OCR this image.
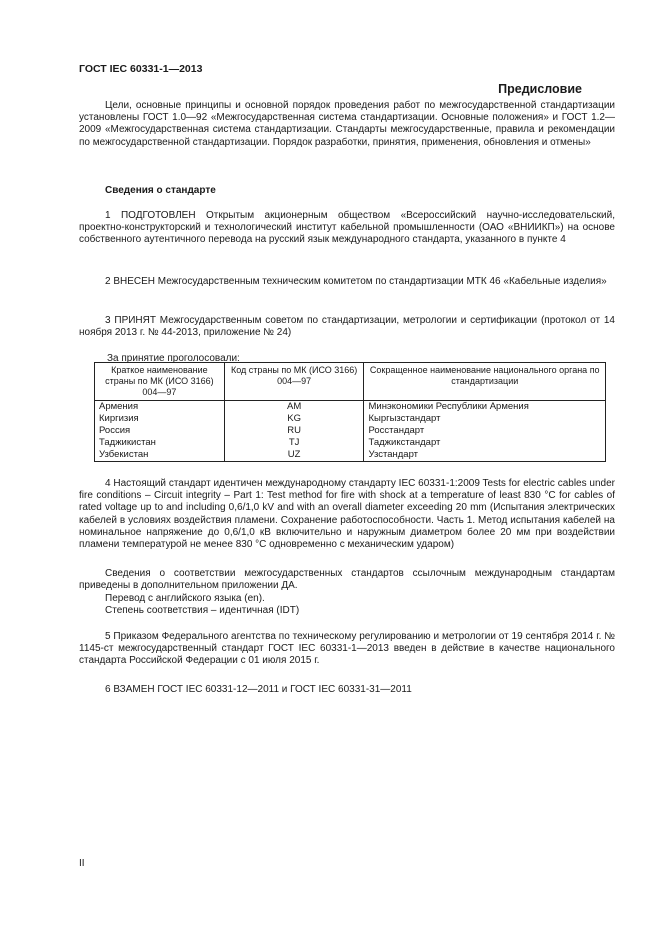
ГОСТ IEC 60331-1—2013
Предисловие

Цели, основные принципы и основной порядок проведения работ по межгосударственной стандартизации установлены ГОСТ 1.0—92 «Межгосударственная система стандартизации. Основные положения» и ГОСТ 1.2—2009 «Межгосударственная система стандартизации. Стандарты межгосударственные, правила и рекомендации по межгосударственной стандартизации. Порядок разработки, принятия, применения, обновления и отмены»

Сведения о стандарте

1 ПОДГОТОВЛЕН Открытым акционерным обществом «Всероссийский научно-исследовательский, проектно-конструкторский и технологический институт кабельной промышленности (ОАО «ВНИИКП») на основе собственного аутентичного перевода на русский язык международного стандарта, указанного в пункте 4

2 ВНЕСЕН Межгосударственным техническим комитетом по стандартизации МТК 46 «Кабельные изделия»

3 ПРИНЯТ Межгосударственным советом по стандартизации, метрологии и сертификации (протокол от 14 ноября 2013 г. № 44-2013, приложение № 24)

За принятие проголосовали:
Краткое наименование страны по МК (ИСО 3166) 004—97	Код страны по МК (ИСО 3166) 004—97	Сокращенное наименование национального органа по стандартизации
Армения	AM	Минэкономики Республики Армения
Киргизия	KG	Кыргызстандарт
Россия	RU	Росстандарт
Таджикистан	TJ	Таджикстандарт
Узбекистан	UZ	Узстандарт

4 Настоящий стандарт идентичен международному стандарту IEC 60331-1:2009 Tests for electric cables under fire conditions – Circuit integrity – Part 1: Test method for fire with shock at a temperature of least 830 °C for cables of rated voltage up to and including 0,6/1,0 kV and with an overall diameter exceeding 20 mm (Испытания электрических кабелей в условиях воздействия пламени. Сохранение работоспособности. Часть 1. Метод испытания кабелей на номинальное напряжение до 0,6/1,0 кВ включительно и наружным диаметром более 20 мм при воздействии пламени температурой не менее 830 °С одновременно с механическим ударом)

Сведения о соответствии межгосударственных стандартов ссылочным международным стандартам приведены в дополнительном приложении ДА.

Перевод с английского языка (en).
Степень соответствия – идентичная (IDT)

5 Приказом Федерального агентства по техническому регулированию и метрологии от 19 сентября 2014 г. № 1145-ст межгосударственный стандарт ГОСТ IEC 60331-1—2013 введен в действие в качестве национального стандарта Российской Федерации с 01 июля 2015 г.

6 ВЗАМЕН ГОСТ IEC 60331-12—2011 и ГОСТ IEC 60331-31—2011
II
